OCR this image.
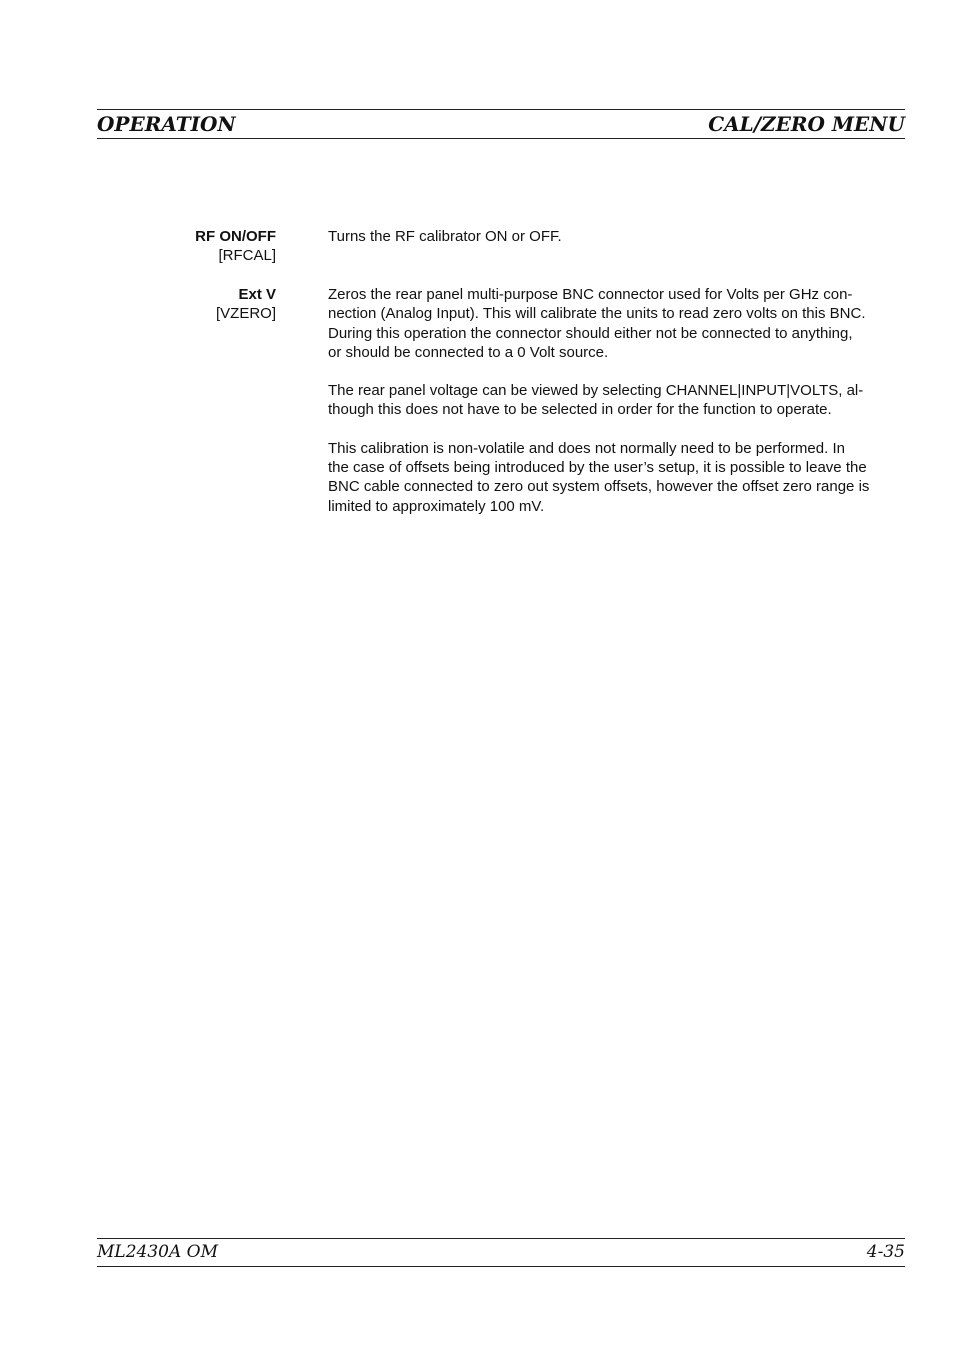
OPERATION	CAL/ZERO MENU
RF ON/OFF
[RFCAL]

Turns the RF calibrator ON or OFF.

Ext V
[VZERO]

Zeros the rear panel multi-purpose BNC connector used for Volts per GHz con-
nection (Analog Input). This will calibrate the units to read zero volts on this BNC.
During this operation the connector should either not be connected to anything,
or should be connected to a 0 Volt source.

The rear panel voltage can be viewed by selecting CHANNEL|INPUT|VOLTS, al-
though this does not have to be selected in order for the function to operate.

This calibration is non-volatile and does not normally need to be performed. In
the case of offsets being introduced by the user’s setup, it is possible to leave the
BNC cable connected to zero out system offsets, however the offset zero range is
limited to approximately 100 mV.

ML2430A OM	4-35
